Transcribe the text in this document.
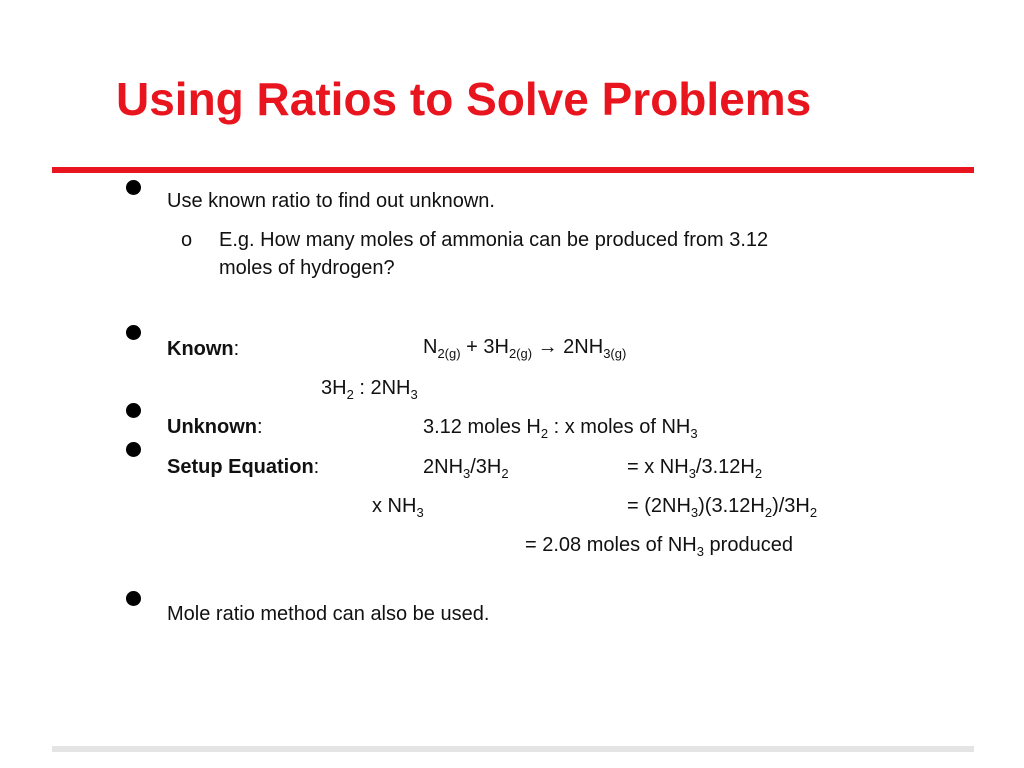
Using Ratios to Solve Problems
Use known ratio to find out unknown.
o E.g. How many moles of ammonia can be produced from 3.12
moles of hydrogen?
Known:	$N_{2(g)} + 3H_{2(g)} \to 2NH_{3(g)}$
$3H_2$ : $2NH_3$
Unknown:	3.12 moles $H_2$ : x moles of $NH_3$
Setup Equation:	$2NH_3/3H_2$	= x $NH_3/3.12H_2$
x $NH_3$	= $(2NH_3)(3.12H_2)/3H_2$
= 2.08 moles of $NH_3$ produced
Mole ratio method can also be used.
